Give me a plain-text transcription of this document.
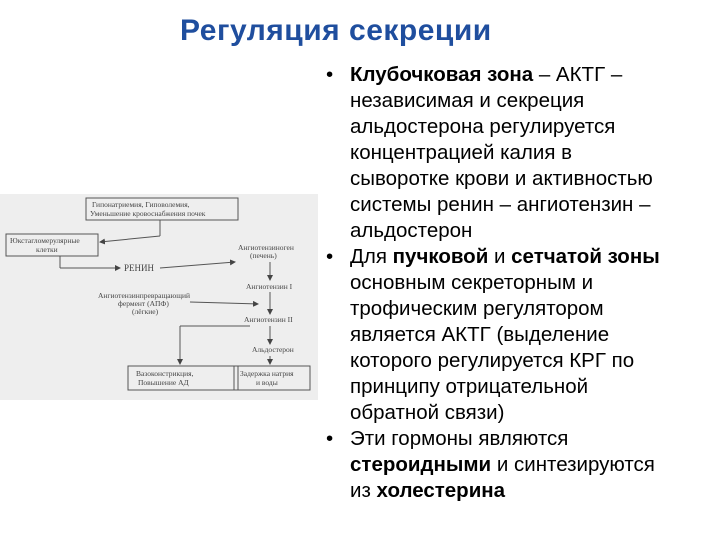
Регуляция секреции
Гипонатриемия, Гиповолемия,
Уменьшение кровоснабжения почек
Юкстагломерулярные
клетки
РЕНИН
Ангиотензиноген
(печень)
Ангиотензин I
Ангиотензинпревращающий
фермент (АПФ)
(лёгкие)
Ангиотензин II
Альдостерон
Вазоконстрикция,
Повышение АД
Задержка натрия
и воды
• Клубочковая зона – АКТГ –
независимая и секреция
альдостерона регулируется
концентрацией калия в
сыворотке крови и активностью
системы ренин – ангиотензин –
альдостерон
• Для пучковой и сетчатой зоны
основным секреторным и
трофическим регулятором
является АКТГ (выделение
которого регулируется КРГ по
принципу отрицательной
обратной связи)
• Эти гормоны являются
стероидными и синтезируются
из холестерина
